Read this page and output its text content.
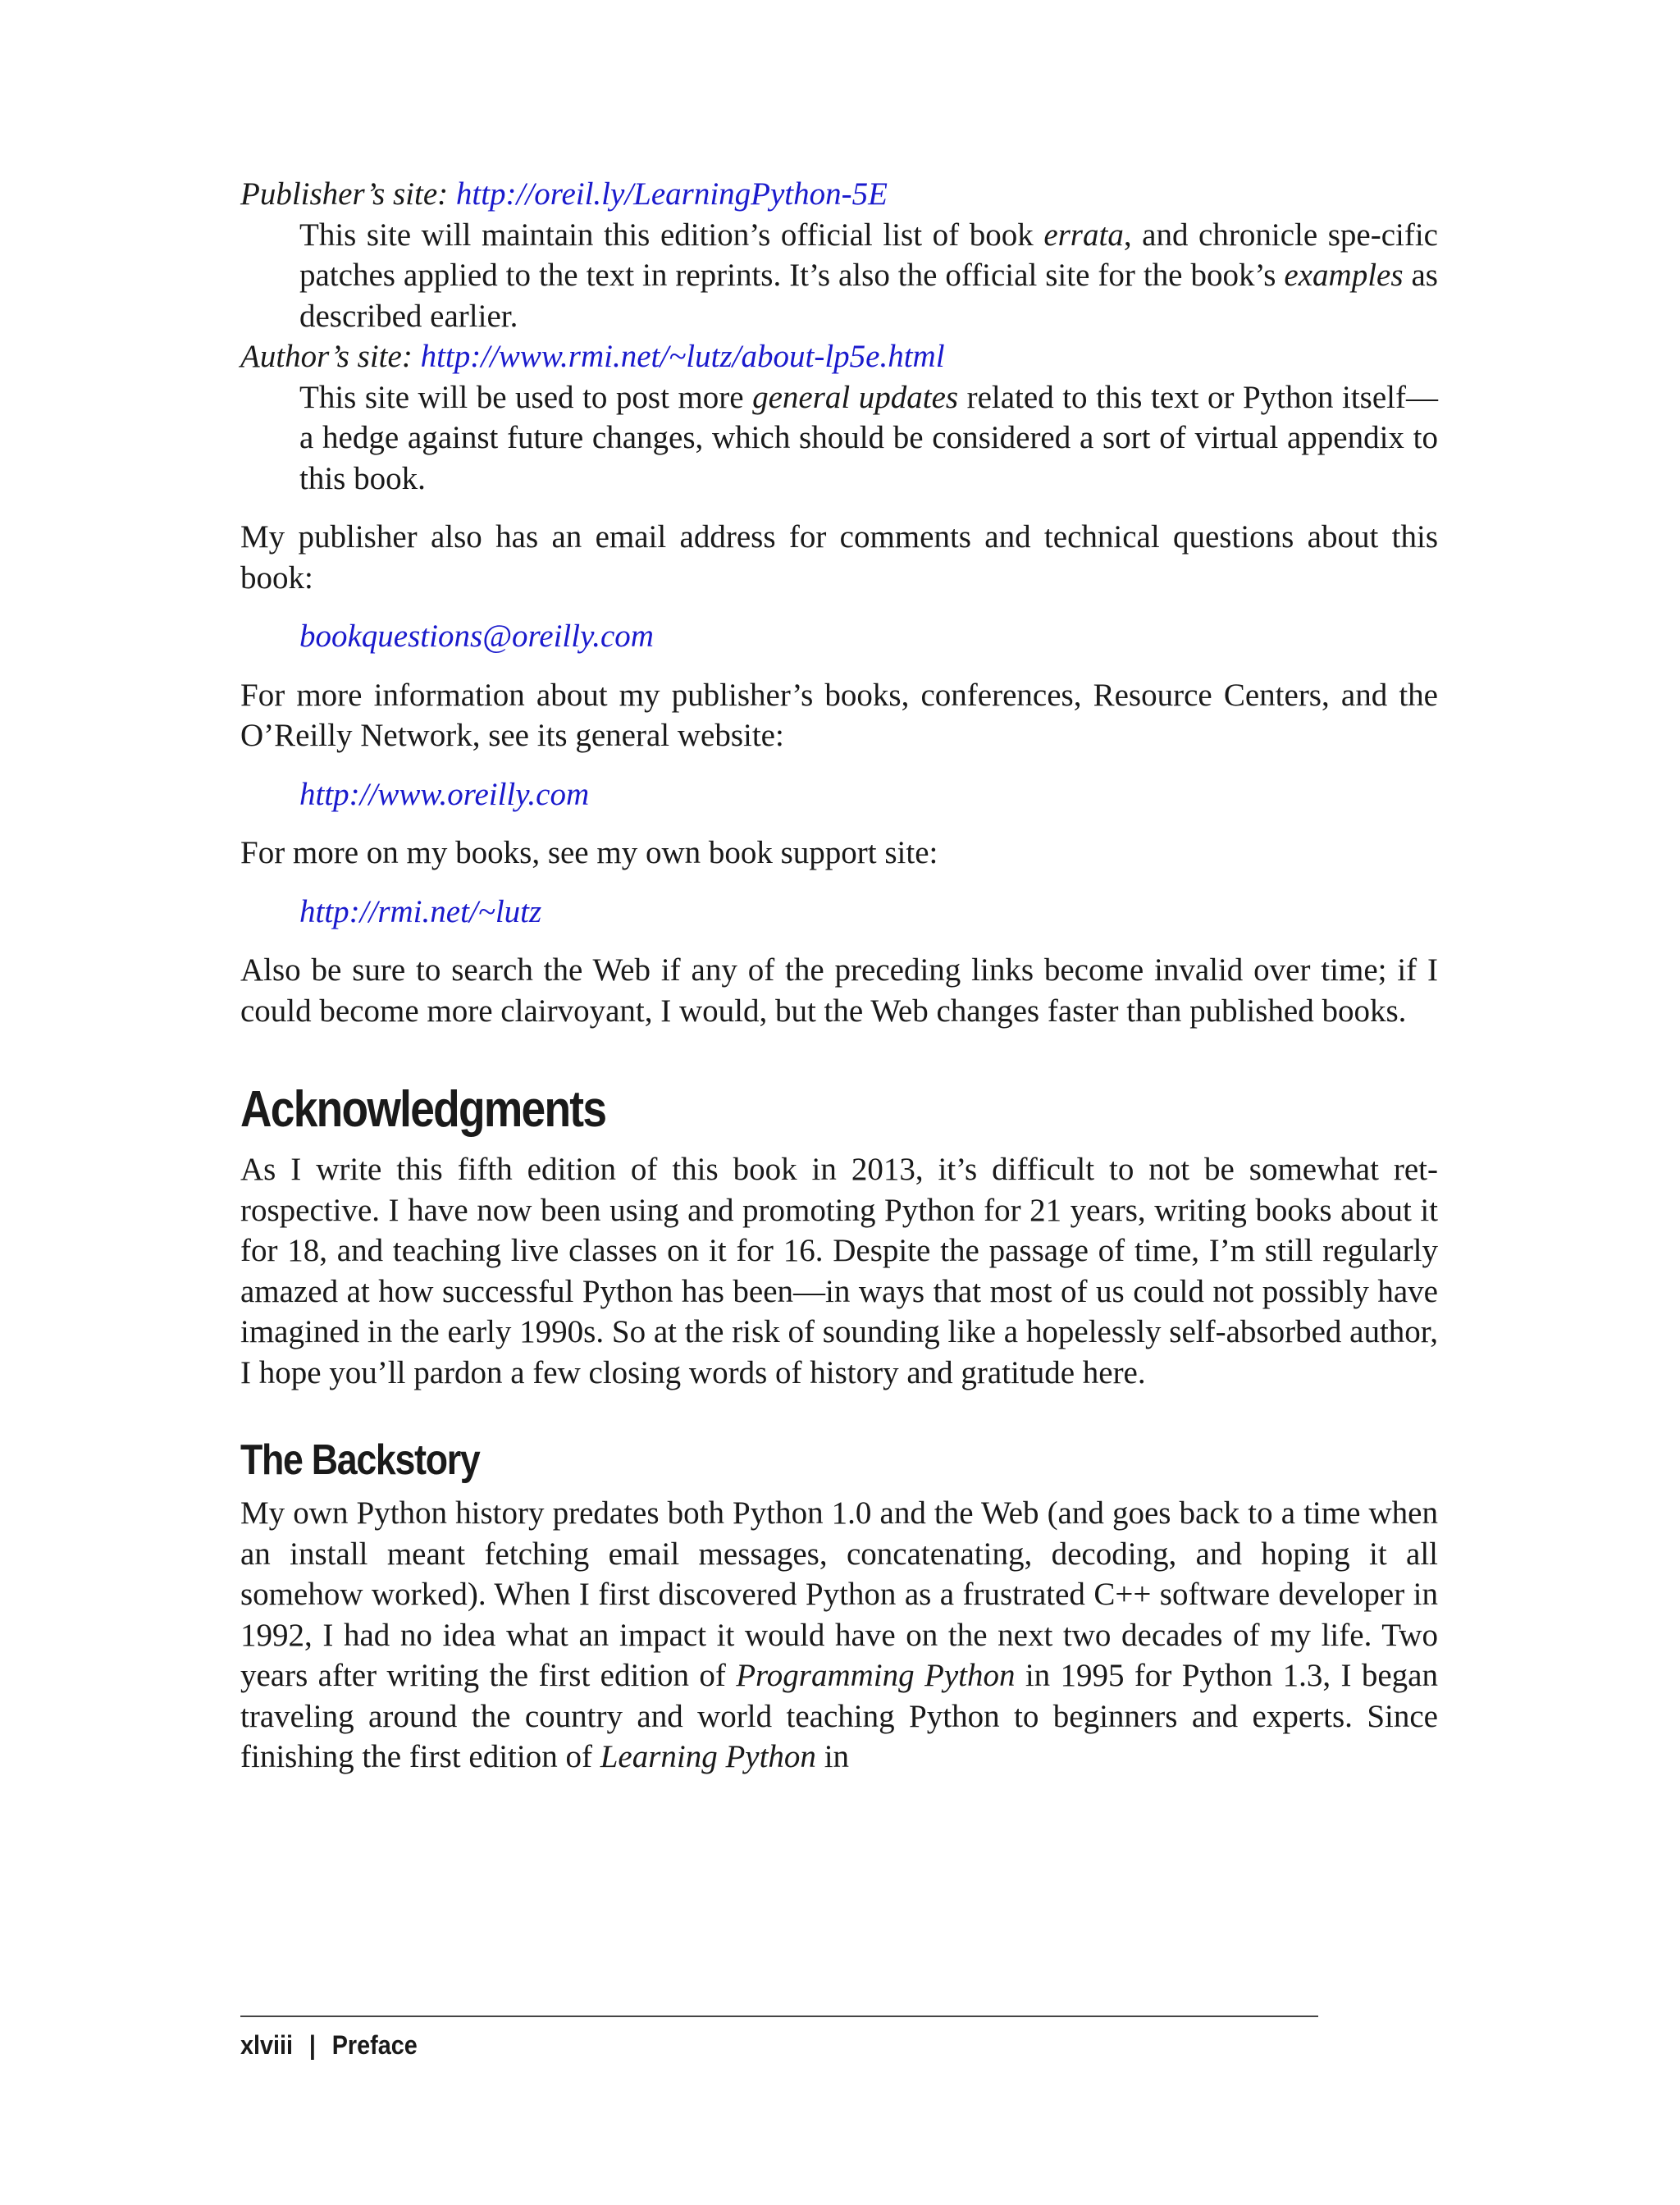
Publisher’s site: http://oreil.ly/LearningPython-5E
This site will maintain this edition’s official list of book errata, and chronicle spe-cific patches applied to the text in reprints. It’s also the official site for the book’s examples as described earlier.
Author’s site: http://www.rmi.net/~lutz/about-lp5e.html
This site will be used to post more general updates related to this text or Python itself—a hedge against future changes, which should be considered a sort of virtual appendix to this book.

My publisher also has an email address for comments and technical questions about this book:

bookquestions@oreilly.com

For more information about my publisher’s books, conferences, Resource Centers, and the O’Reilly Network, see its general website:

http://www.oreilly.com

For more on my books, see my own book support site:

http://rmi.net/~lutz

Also be sure to search the Web if any of the preceding links become invalid over time; if I could become more clairvoyant, I would, but the Web changes faster than published books.

Acknowledgments

As I write this fifth edition of this book in 2013, it’s difficult to not be somewhat ret-rospective. I have now been using and promoting Python for 21 years, writing books about it for 18, and teaching live classes on it for 16. Despite the passage of time, I’m still regularly amazed at how successful Python has been—in ways that most of us could not possibly have imagined in the early 1990s. So at the risk of sounding like a hopelessly self-absorbed author, I hope you’ll pardon a few closing words of history and gratitude here.

The Backstory

My own Python history predates both Python 1.0 and the Web (and goes back to a time when an install meant fetching email messages, concatenating, decoding, and hoping it all somehow worked). When I first discovered Python as a frustrated C++ software developer in 1992, I had no idea what an impact it would have on the next two decades of my life. Two years after writing the first edition of Programming Python in 1995 for Python 1.3, I began traveling around the country and world teaching Python to beginners and experts. Since finishing the first edition of Learning Python in

xlviii | Preface
